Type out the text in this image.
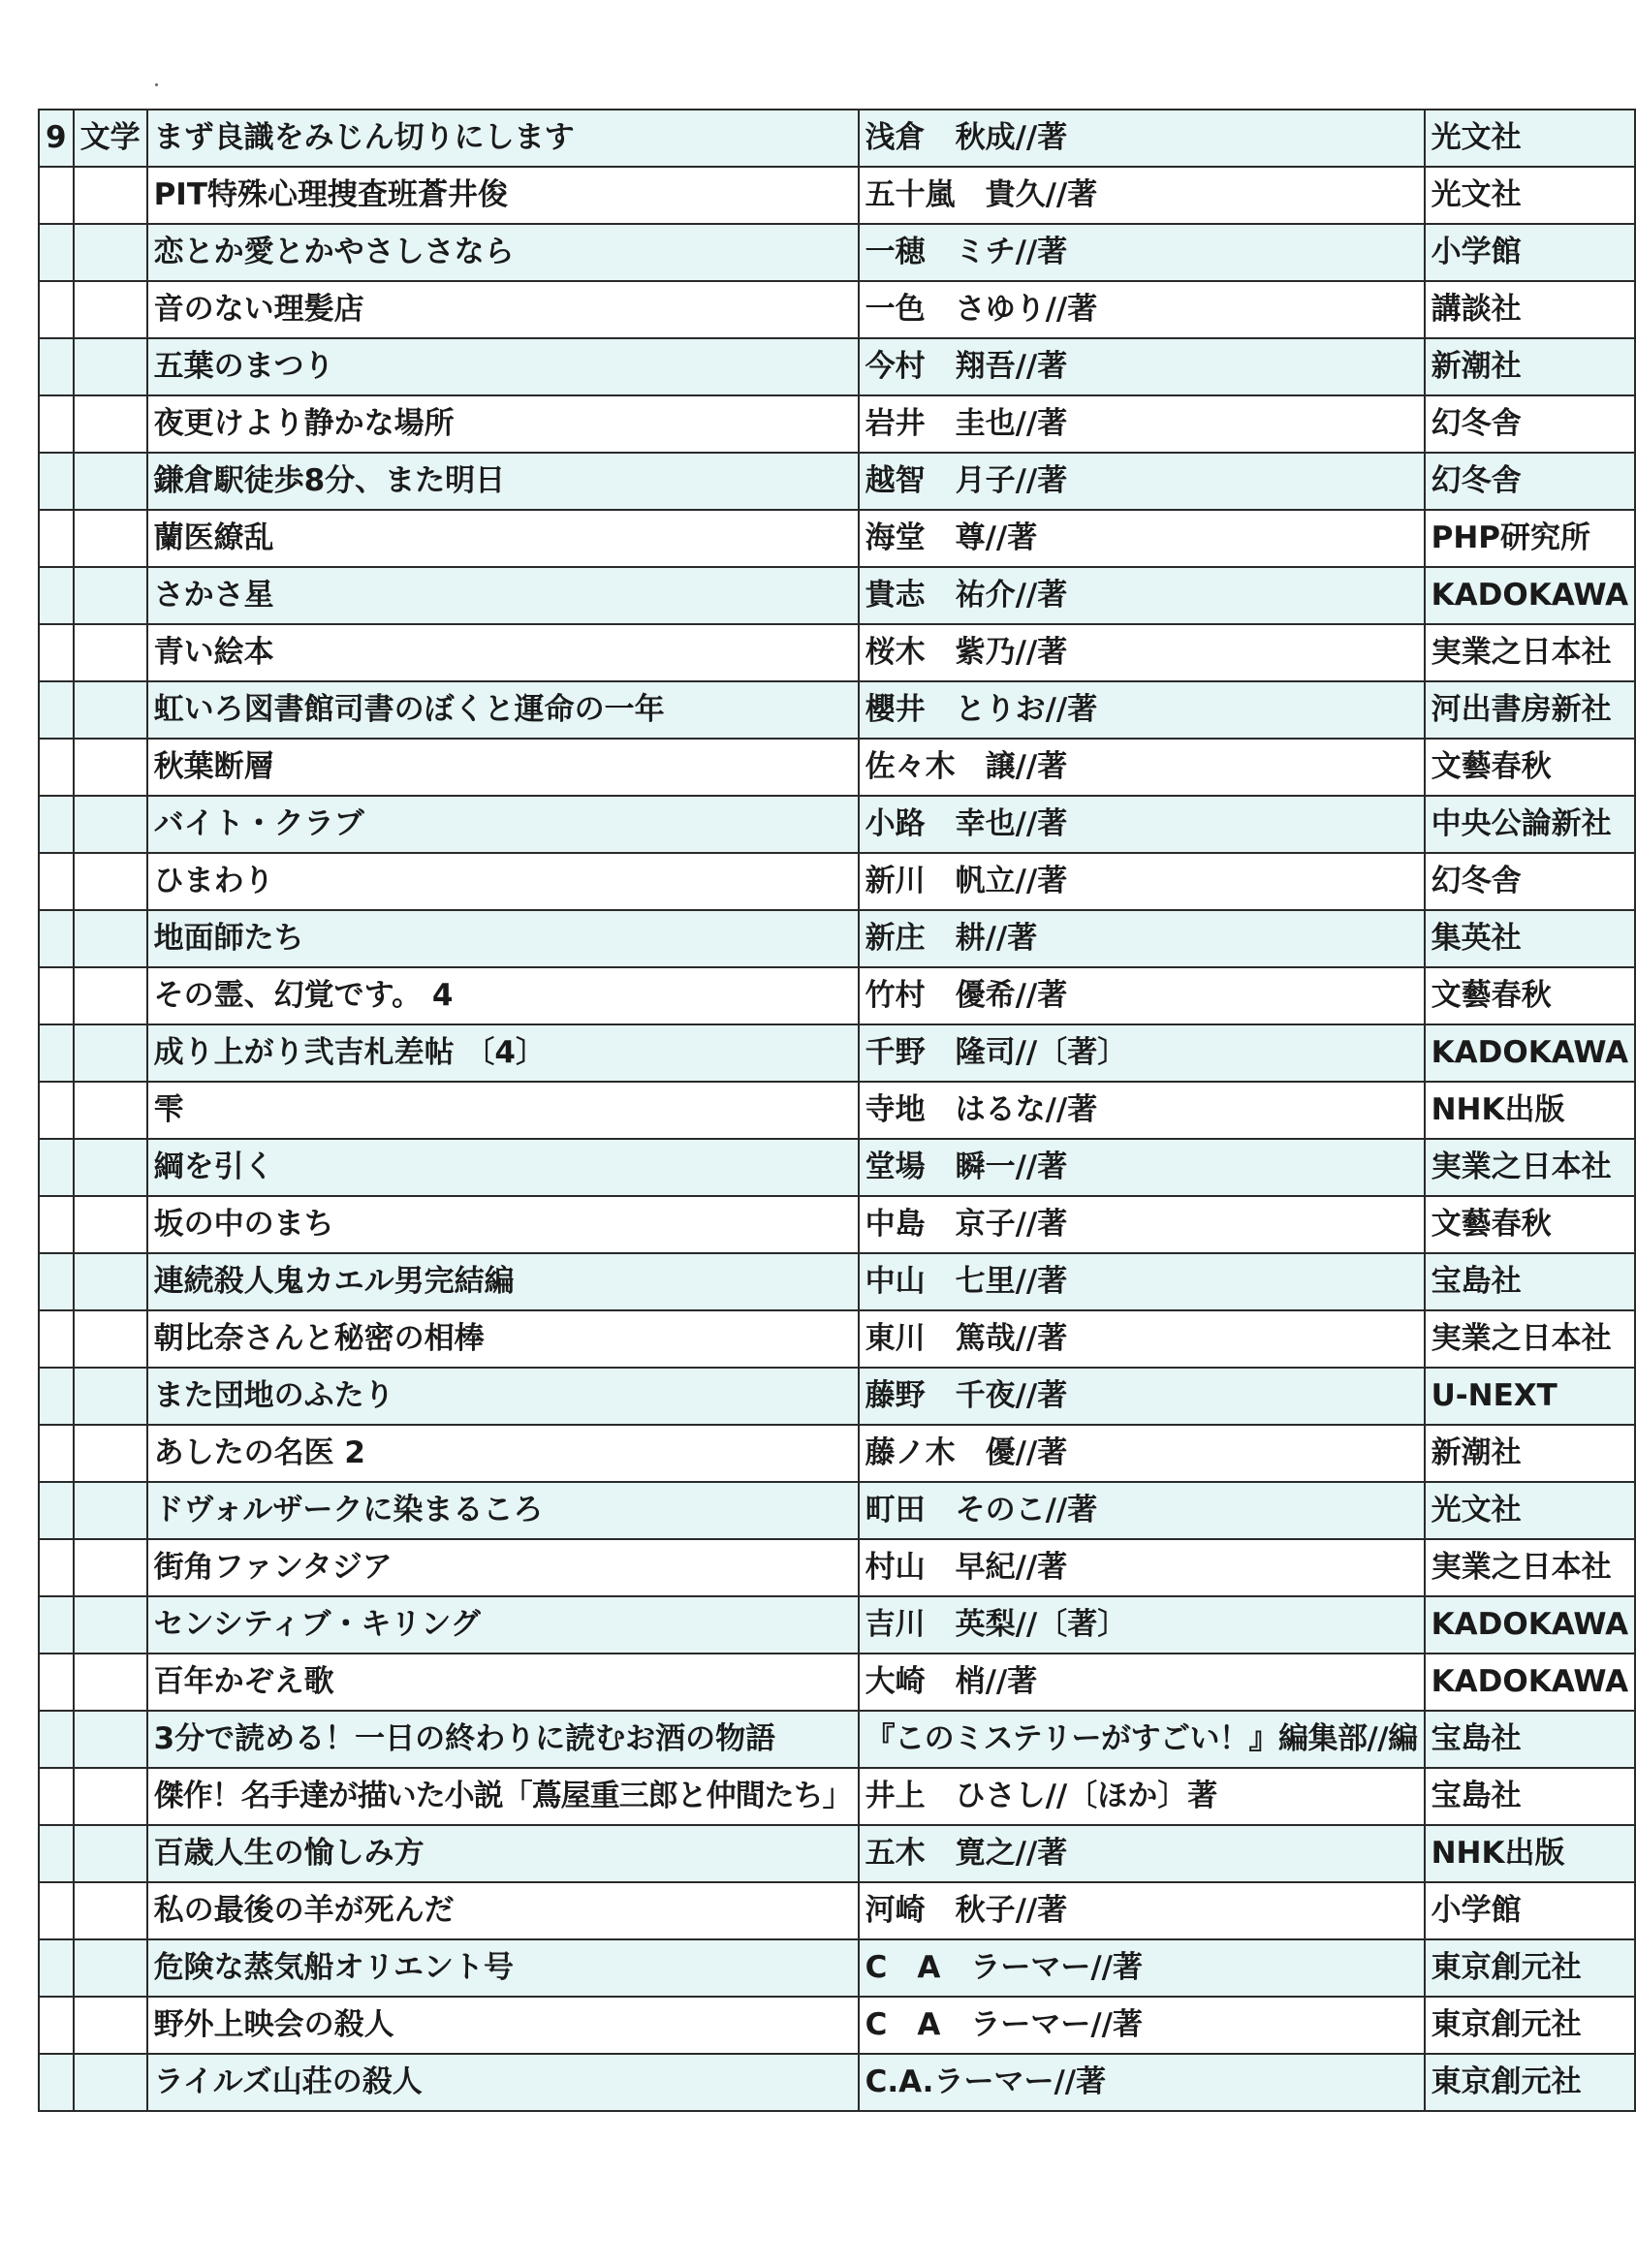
9	文学	まず良識をみじん切りにします	浅倉　秋成//著	光文社
		PIT特殊心理捜査班蒼井俊	五十嵐　貴久//著	光文社
		恋とか愛とかやさしさなら	一穂　ミチ//著	小学館
		音のない理髪店	一色　さゆり//著	講談社
		五葉のまつり	今村　翔吾//著	新潮社
		夜更けより静かな場所	岩井　圭也//著	幻冬舎
		鎌倉駅徒歩8分、また明日	越智　月子//著	幻冬舎
		蘭医繚乱	海堂　尊//著	PHP研究所
		さかさ星	貴志　祐介//著	KADOKAWA
		青い絵本	桜木　紫乃//著	実業之日本社
		虹いろ図書館司書のぼくと運命の一年	櫻井　とりお//著	河出書房新社
		秋葉断層	佐々木　譲//著	文藝春秋
		バイト・クラブ	小路　幸也//著	中央公論新社
		ひまわり	新川　帆立//著	幻冬舎
		地面師たち	新庄　耕//著	集英社
		その霊、幻覚です。 4	竹村　優希//著	文藝春秋
		成り上がり弐吉札差帖 〔4〕	千野　隆司//〔著〕	KADOKAWA
		雫	寺地　はるな//著	NHK出版
		綱を引く	堂場　瞬一//著	実業之日本社
		坂の中のまち	中島　京子//著	文藝春秋
		連続殺人鬼カエル男完結編	中山　七里//著	宝島社
		朝比奈さんと秘密の相棒	東川　篤哉//著	実業之日本社
		また団地のふたり	藤野　千夜//著	U-NEXT
		あしたの名医 2	藤ノ木　優//著	新潮社
		ドヴォルザークに染まるころ	町田　そのこ//著	光文社
		街角ファンタジア	村山　早紀//著	実業之日本社
		センシティブ・キリング	吉川　英梨//〔著〕	KADOKAWA
		百年かぞえ歌	大崎　梢//著	KADOKAWA
		3分で読める！一日の終わりに読むお酒の物語	『このミステリーがすごい！』編集部//編	宝島社
		傑作！名手達が描いた小説「蔦屋重三郎と仲間たち」	井上　ひさし//〔ほか〕著	宝島社
		百歳人生の愉しみ方	五木　寛之//著	NHK出版
		私の最後の羊が死んだ	河崎　秋子//著	小学館
		危険な蒸気船オリエント号	C　A　ラーマー//著	東京創元社
		野外上映会の殺人	C　A　ラーマー//著	東京創元社
		ライルズ山荘の殺人	C.A.ラーマー//著	東京創元社
